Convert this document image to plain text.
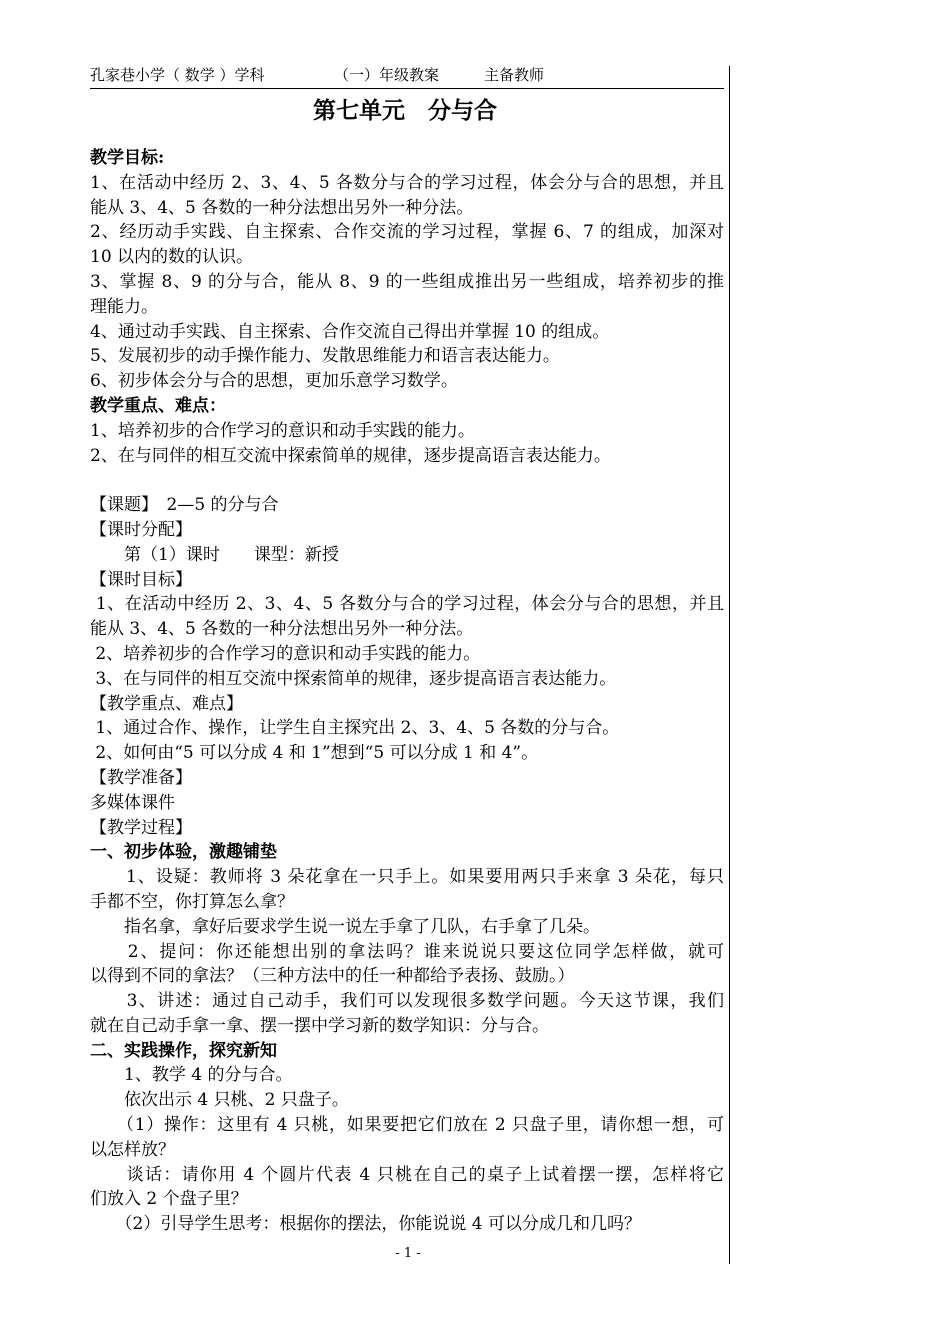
孔家巷小学（ 数学 ）学科	（一）年级教案	主备教师
第七单元　分与合
教学目标:
1、在活动中经历 2、3、4、5 各数分与合的学习过程，体会分与合的思想，并且
能从 3、4、5 各数的一种分法想出另外一种分法。
2、经历动手实践、自主探索、合作交流的学习过程，掌握 6、7 的组成，加深对
10 以内的数的认识。
3、掌握 8、9 的分与合，能从 8、9 的一些组成推出另一些组成，培养初步的推
理能力。
4、通过动手实践、自主探索、合作交流自己得出并掌握 10 的组成。
5、发展初步的动手操作能力、发散思维能力和语言表达能力。
6、初步体会分与合的思想，更加乐意学习数学。
教学重点、难点：
1、培养初步的合作学习的意识和动手实践的能力。
2、在与同伴的相互交流中探索简单的规律，逐步提高语言表达能力。
【课题】　2—5 的分与合
【课时分配】
　　第（1）课时　　课型：新授
【课时目标】
1、在活动中经历 2、3、4、5 各数分与合的学习过程，体会分与合的思想，并且
能从 3、4、5 各数的一种分法想出另外一种分法。
2、培养初步的合作学习的意识和动手实践的能力。
3、在与同伴的相互交流中探索简单的规律，逐步提高语言表达能力。
【教学重点、难点】
1、通过合作、操作，让学生自主探究出 2、3、4、5 各数的分与合。
2、如何由“5 可以分成 4 和 1”想到“5 可以分成 1 和 4”。
【教学准备】
多媒体课件
【教学过程】
一、初步体验，激趣铺垫
　　1、设疑：教师将 3 朵花拿在一只手上。如果要用两只手来拿 3 朵花，每只
手都不空，你打算怎么拿？
　　指名拿，拿好后要求学生说一说左手拿了几队，右手拿了几朵。
　　2、提问：你还能想出别的拿法吗？谁来说说只要这位同学怎样做，就可
以得到不同的拿法？（三种方法中的任一种都给予表扬、鼓励。）
　　3、讲述：通过自己动手，我们可以发现很多数学问题。今天这节课，我们
就在自己动手拿一拿、摆一摆中学习新的数学知识：分与合。
二、实践操作，探究新知
　　1、教学 4 的分与合。
　　依次出示 4 只桃、2 只盘子。
　　（1）操作：这里有 4 只桃，如果要把它们放在 2 只盘子里，请你想一想，可
以怎样放？
　　谈话：请你用 4 个圆片代表 4 只桃在自己的桌子上试着摆一摆，怎样将它
们放入 2 个盘子里？
　　（2）引导学生思考：根据你的摆法，你能说说 4 可以分成几和几吗？
- 1 -
